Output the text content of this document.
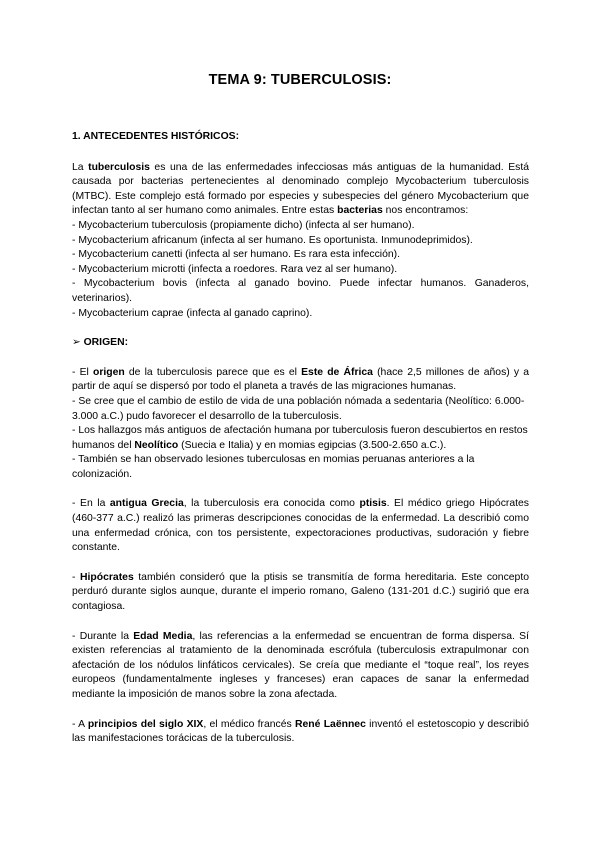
TEMA 9: TUBERCULOSIS:

1. ANTECEDENTES HISTÓRICOS:

La tuberculosis es una de las enfermedades infecciosas más antiguas de la humanidad. Está causada por bacterias pertenecientes al denominado complejo Mycobacterium tuberculosis (MTBC). Este complejo está formado por especies y subespecies del género Mycobacterium que infectan tanto al ser humano como animales. Entre estas bacterias nos encontramos:

- Mycobacterium tuberculosis (propiamente dicho) (infecta al ser humano).

- Mycobacterium africanum (infecta al ser humano. Es oportunista. Inmunodeprimidos).

- Mycobacterium canetti (infecta al ser humano. Es rara esta infección).

- Mycobacterium microtti (infecta a roedores. Rara vez al ser humano).

- Mycobacterium bovis (infecta al ganado bovino. Puede infectar humanos. Ganaderos, veterinarios).

- Mycobacterium caprae (infecta al ganado caprino).

➢ ORIGEN:

- El origen de la tuberculosis parece que es el Este de África (hace 2,5 millones de años) y a partir de aquí se dispersó por todo el planeta a través de las migraciones humanas.

- Se cree que el cambio de estilo de vida de una población nómada a sedentaria (Neolítico: 6.000-3.000 a.C.) pudo favorecer el desarrollo de la tuberculosis.

- Los hallazgos más antiguos de afectación humana por tuberculosis fueron descubiertos en restos humanos del Neolítico (Suecia e Italia) y en momias egipcias (3.500-2.650 a.C.).

- También se han observado lesiones tuberculosas en momias peruanas anteriores a la colonización.

- En la antigua Grecia, la tuberculosis era conocida como ptisis. El médico griego Hipócrates (460-377 a.C.) realizó las primeras descripciones conocidas de la enfermedad. La describió como una enfermedad crónica, con tos persistente, expectoraciones productivas, sudoración y fiebre constante.

- Hipócrates también consideró que la ptisis se transmitía de forma hereditaria. Este concepto perduró durante siglos aunque, durante el imperio romano, Galeno (131-201 d.C.) sugirió que era contagiosa.

- Durante la Edad Media, las referencias a la enfermedad se encuentran de forma dispersa. Sí existen referencias al tratamiento de la denominada escrófula (tuberculosis extrapulmonar con afectación de los nódulos linfáticos cervicales). Se creía que mediante el “toque real”, los reyes europeos (fundamentalmente ingleses y franceses) eran capaces de sanar la enfermedad mediante la imposición de manos sobre la zona afectada.

- A principios del siglo XIX, el médico francés René Laënnec inventó el estetoscopio y describió las manifestaciones torácicas de la tuberculosis.
